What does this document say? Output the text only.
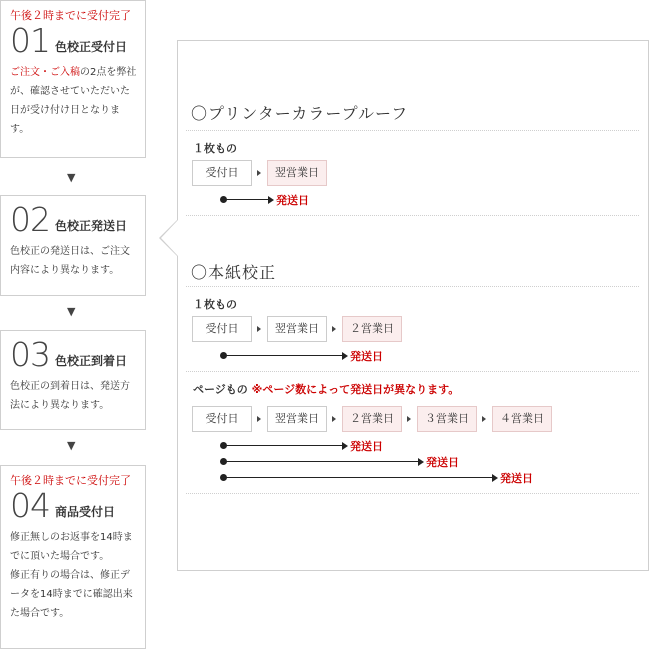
午後２時までに受付完了
01 色校正受付日
ご注文・ご入稿の2点を弊社が、確認させていただいた日が受け付け日となります。
▼
02 色校正発送日
色校正の発送日は、ご注文内容により異なります。
▼
03 色校正到着日
色校正の到着日は、発送方法により異なります。
▼
午後２時までに受付完了
04 商品受付日

修正無しのお返事を14時までに頂いた場合です。

修正有りの場合は、修正データを14時までに確認出来た場合です。

〇プリンターカラープルーフ
１枚もの
受付日	翌営業日
発送日
〇本紙校正
１枚もの
受付日	翌営業日	２営業日
発送日
ページもの ※ページ数によって発送日が異なります。
受付日	翌営業日	２営業日	３営業日	４営業日
発送日
発送日
発送日
